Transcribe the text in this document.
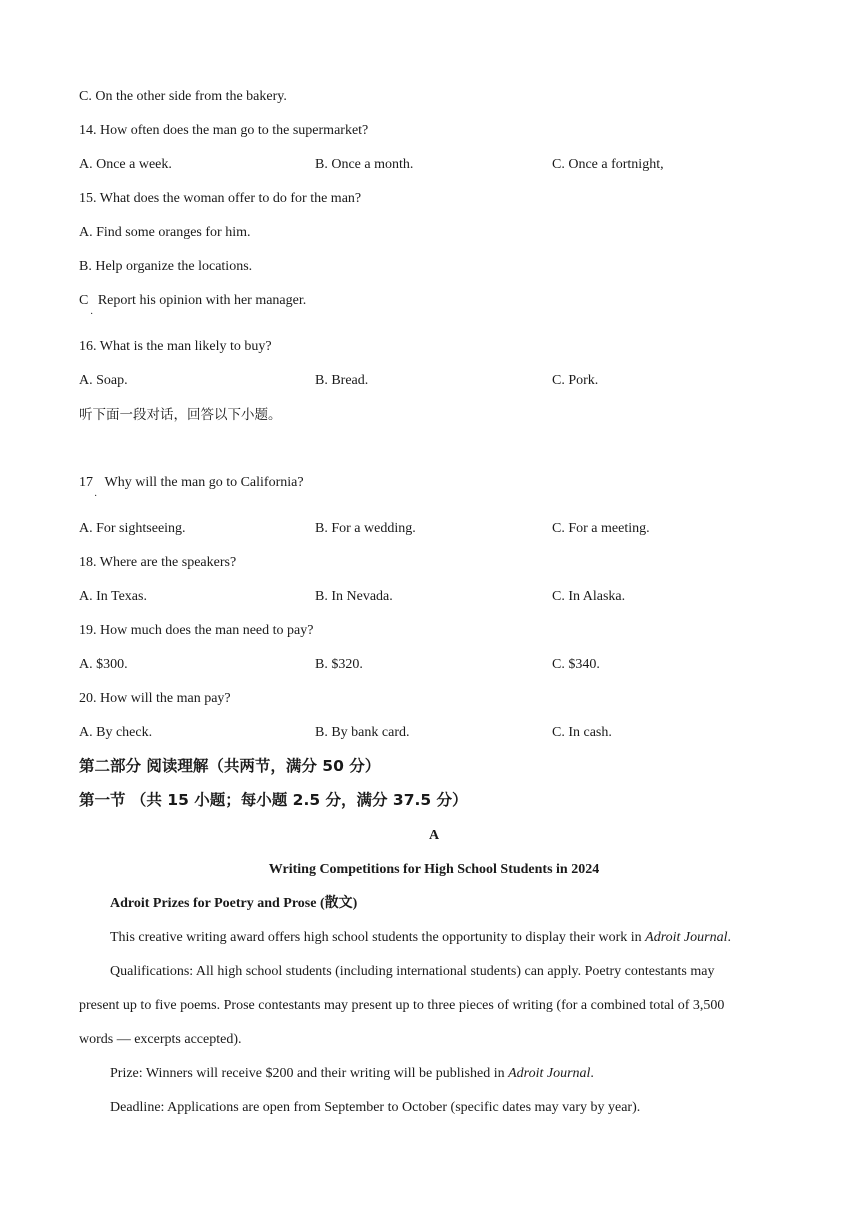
C. On the other side from the bakery.
14. How often does the man go to the supermarket?
A. Once a week.	B. Once a month.	C. Once a fortnight,
15. What does the woman offer to do for the man?
A. Find some oranges for him.
B. Help organize the locations.
C Report his opinion with her manager.
·
16. What is the man likely to buy?
A. Soap.	B. Bread.	C. Pork.
听下面一段对话，回答以下小题。
17 Why will the man go to California?
·
A. For sightseeing.	B. For a wedding.	C. For a meeting.
18. Where are the speakers?
A. In Texas.	B. In Nevada.	C. In Alaska.
19. How much does the man need to pay?
A. $300.	B. $320.	C. $340.
20. How will the man pay?
A. By check.	B. By bank card.	C. In cash.
第二部分 阅读理解（共两节，满分 50 分）
第一节 （共 15 小题；每小题 2.5 分，满分 37.5 分）
A
Writing Competitions for High School Students in 2024
Adroit Prizes for Poetry and Prose (散文)
This creative writing award offers high school students the opportunity to display their work in Adroit Journal.
Qualifications: All high school students (including international students) can apply. Poetry contestants may
present up to five poems. Prose contestants may present up to three pieces of writing (for a combined total of 3,500
words — excerpts accepted).
Prize: Winners will receive $200 and their writing will be published in Adroit Journal.
Deadline: Applications are open from September to October (specific dates may vary by year).
